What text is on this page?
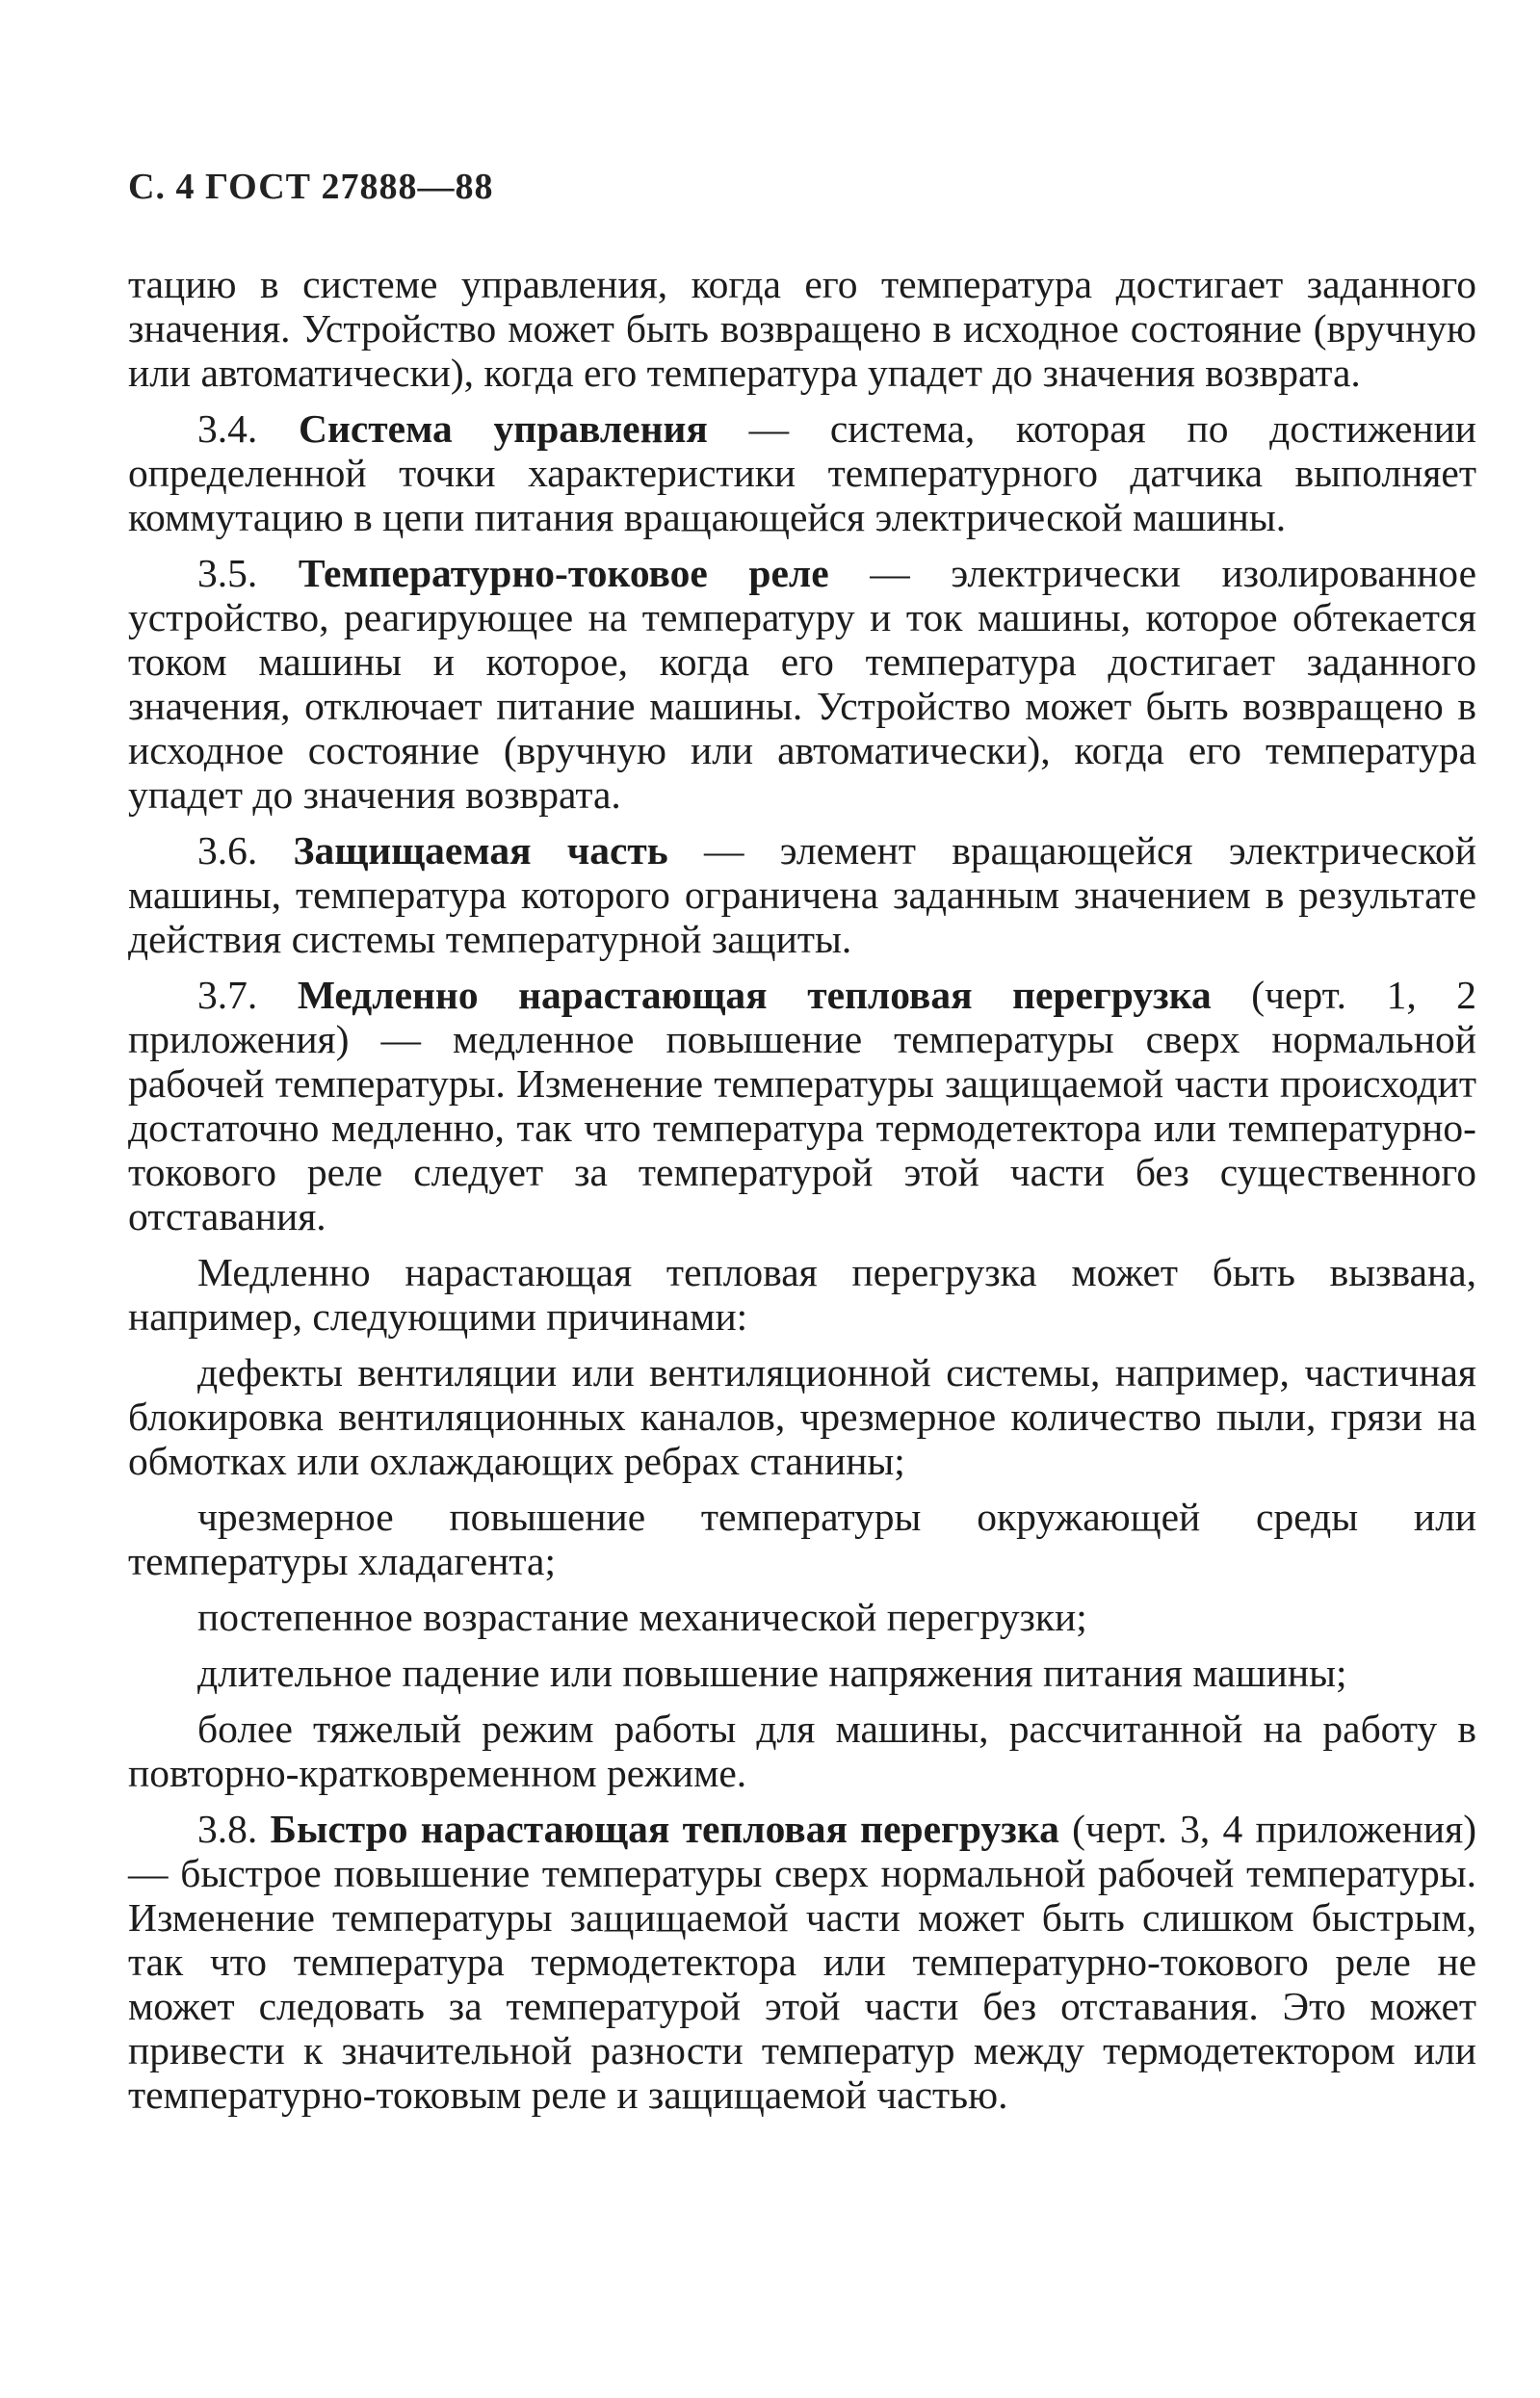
С. 4 ГОСТ 27888—88

тацию в системе управления, когда его температура достигает заданного значения. Устройство может быть возвращено в исходное состояние (вручную или автоматически), когда его температура упадет до значения возврата.

3.4. Система управления — система, которая по достижении определенной точки характеристики температурного датчика выполняет коммутацию в цепи питания вращающейся электрической машины.

3.5. Температурно-токовое реле — электрически изолированное устройство, реагирующее на температуру и ток машины, которое обтекается током машины и которое, когда его температура достигает заданного значения, отключает питание машины. Устройство может быть возвращено в исходное состояние (вручную или автоматически), когда его температура упадет до значения возврата.

3.6. Защищаемая часть — элемент вращающейся электрической машины, температура которого ограничена заданным значением в результате действия системы температурной защиты.

3.7. Медленно нарастающая тепловая перегрузка (черт. 1, 2 приложения) — медленное повышение температуры сверх нормальной рабочей температуры. Изменение температуры защищаемой части происходит достаточно медленно, так что температура термодетектора или температурно-токового реле следует за температурой этой части без существенного отставания.

Медленно нарастающая тепловая перегрузка может быть вызвана, например, следующими причинами:

дефекты вентиляции или вентиляционной системы, например, частичная блокировка вентиляционных каналов, чрезмерное количество пыли, грязи на обмотках или охлаждающих ребрах станины;

чрезмерное повышение температуры окружающей среды или температуры хладагента;

постепенное возрастание механической перегрузки;

длительное падение или повышение напряжения питания машины;

более тяжелый режим работы для машины, рассчитанной на работу в повторно-кратковременном режиме.

3.8. Быстро нарастающая тепловая перегрузка (черт. 3, 4 приложения) — быстрое повышение температуры сверх нормальной рабочей температуры. Изменение температуры защищаемой части может быть слишком быстрым, так что температура термодетектора или температурно-токового реле не может следовать за температурой этой части без отставания. Это может привести к значительной разности температур между термодетектором или температурно-токовым реле и защищаемой частью.
